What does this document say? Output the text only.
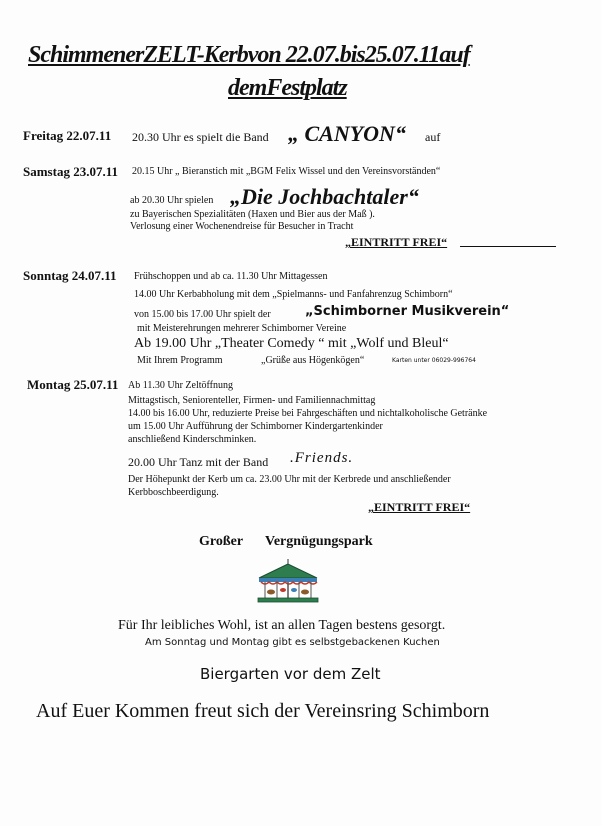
SchimmenerZELT-Kerbvon 22.07.bis25.07.11auf
demFestplatz
Freitag 22.07.11 20.30 Uhr es spielt die Band „ CANYON“ auf
Samstag 23.07.11 20.15 Uhr „ Bieranstich mit „BGM Felix Wissel und den Vereinsvorständen“
ab 20.30 Uhr spielen „Die Jochbachtaler“
zu Bayerischen Spezialitäten (Haxen und Bier aus der Maß ).
Verlosung einer Wochenendreise für Besucher in Tracht
„EINTRITT FREI“
Sonntag 24.07.11 Frühschoppen und ab ca. 11.30 Uhr Mittagessen
14.00 Uhr Kerbabholung mit dem „Spielmanns- und Fanfahrenzug Schimborn“
von 15.00 bis 17.00 Uhr spielt der	„Schimborner Musikverein“
mit Meisterehrungen mehrerer Schimborner Vereine
Ab 19.00 Uhr „Theater Comedy “ mit „Wolf und Bleul“
Mit Ihrem Programm	„Grüße aus Högenkögen“	Karten unter 06029-996764
Montag 25.07.11 Ab 11.30 Uhr Zeltöffnung
Mittagstisch, Seniorenteller, Firmen- und Familiennachmittag
14.00 bis 16.00 Uhr, reduzierte Preise bei Fahrgeschäften und nichtalkoholische Getränke
um 15.00 Uhr Aufführung der Schimborner Kindergartenkinder
anschließend Kinderschminken.
20.00 Uhr Tanz mit der Band .Friends.
Der Höhepunkt der Kerb um ca. 23.00 Uhr mit der Kerbrede und anschließender
Kerbboschbeerdigung.
„EINTRITT FREI“
Großer Vergnügungspark
Für Ihr leibliches Wohl, ist an allen Tagen bestens gesorgt.
Am Sonntag und Montag gibt es selbstgebackenen Kuchen
Biergarten vor dem Zelt
Auf Euer Kommen freut sich der Vereinsring Schimborn
